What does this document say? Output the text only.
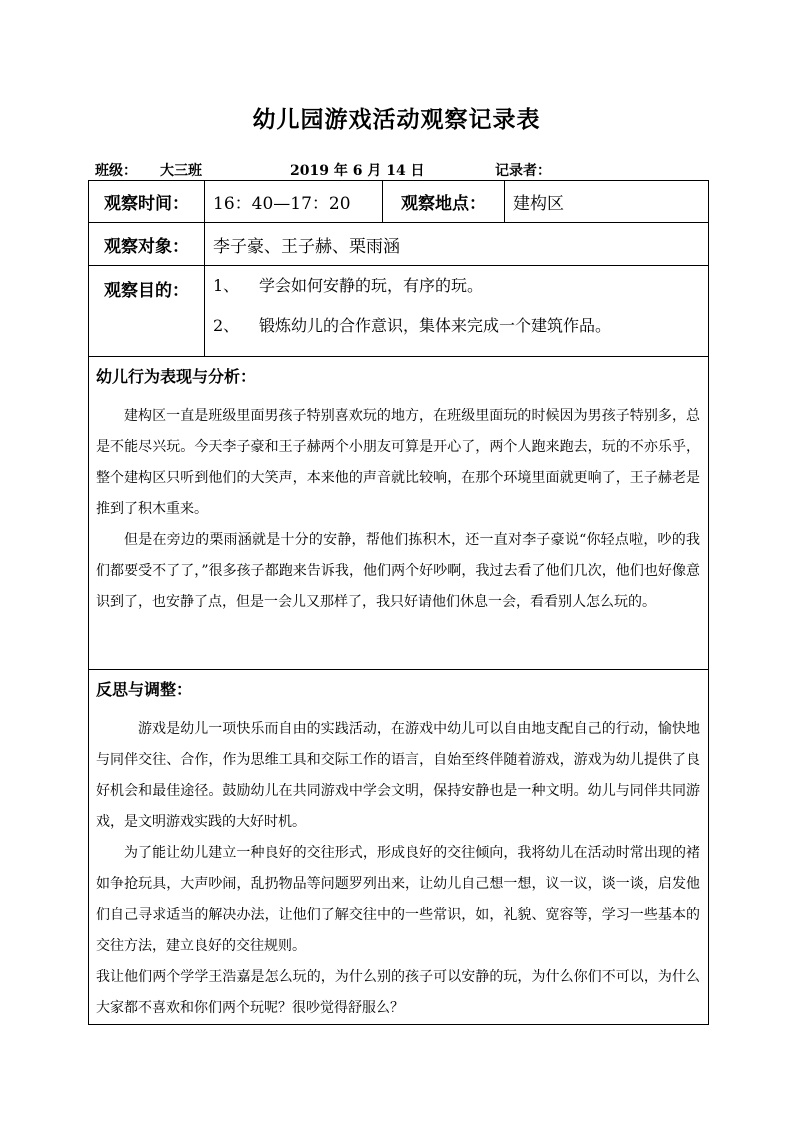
幼儿园游戏活动观察记录表
班级： 大三班	2019 年 6 月 14 日	记录者：
观察时间：	16：40—17：20	观察地点：	建构区
观察对象：	李子豪、王子赫、栗雨涵		
观察目的：	1、 学会如何安静的玩，有序的玩。
2、 锻炼幼儿的合作意识，集体来完成一个建筑作品。		

幼儿行为表现与分析：

建构区一直是班级里面男孩子特别喜欢玩的地方，在班级里面玩的时候因为男孩子特别多，总是不能尽兴玩。今天李子豪和王子赫两个小朋友可算是开心了，两个人跑来跑去，玩的不亦乐乎，整个建构区只听到他们的大笑声，本来他的声音就比较响，在那个环境里面就更响了，王子赫老是推到了积木重来。

但是在旁边的栗雨涵就是十分的安静，帮他们拣积木，还一直对李子豪说“你轻点啦，吵的我们都要受不了了，”很多孩子都跑来告诉我，他们两个好吵啊，我过去看了他们几次，他们也好像意识到了，也安静了点，但是一会儿又那样了，我只好请他们休息一会，看看别人怎么玩的。			

反思与调整：

游戏是幼儿一项快乐而自由的实践活动，在游戏中幼儿可以自由地支配自己的行动，愉快地与同伴交往、合作，作为思维工具和交际工作的语言，自始至终伴随着游戏，游戏为幼儿提供了良好机会和最佳途径。鼓励幼儿在共同游戏中学会文明，保持安静也是一种文明。幼儿与同伴共同游戏，是文明游戏实践的大好时机。

为了能让幼儿建立一种良好的交往形式，形成良好的交往倾向，我将幼儿在活动时常出现的褚如争抢玩具，大声吵闹，乱扔物品等问题罗列出来，让幼儿自己想一想，议一议，谈一谈，启发他们自己寻求适当的解决办法，让他们了解交往中的一些常识，如，礼貌、宽容等，学习一些基本的交往方法，建立良好的交往规则。

我让他们两个学学王浩嘉是怎么玩的，为什么别的孩子可以安静的玩，为什么你们不可以，为什么大家都不喜欢和你们两个玩呢？很吵觉得舒服么？			
